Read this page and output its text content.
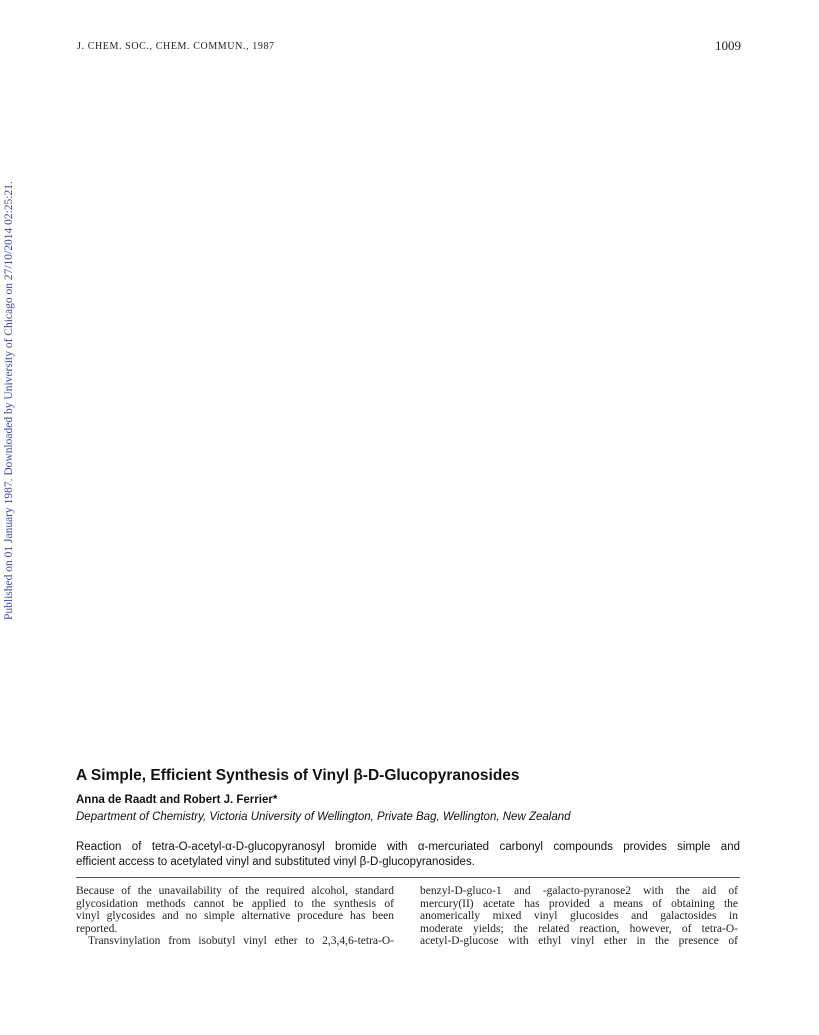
J. CHEM. SOC., CHEM. COMMUN., 1987	1009
Published on 01 January 1987. Downloaded by University of Chicago on 27/10/2014 02:25:21.
A Simple, Efficient Synthesis of Vinyl β-D-Glucopyranosides
Anna de Raadt and Robert J. Ferrier*
Department of Chemistry, Victoria University of Wellington, Private Bag, Wellington, New Zealand
Reaction of tetra-O-acetyl-α-D-glucopyranosyl bromide with α-mercuriated carbonyl compounds provides simple and
efficient access to acetylated vinyl and substituted vinyl β-D-glucopyranosides.
Because of the unavailability of the required alcohol, standard
glycosidation methods cannot be applied to the synthesis of
vinyl glycosides and no simple alternative procedure has been
reported.
Transvinylation from isobutyl vinyl ether to 2,3,4,6-tetra-O-
benzyl-D-gluco-1 and -galacto-pyranose2 with the aid of
mercury(II) acetate has provided a means of obtaining the
anomerically mixed vinyl glucosides and galactosides in
moderate yields; the related reaction, however, of tetra-O-
acetyl-D-glucose with ethyl vinyl ether in the presence of
